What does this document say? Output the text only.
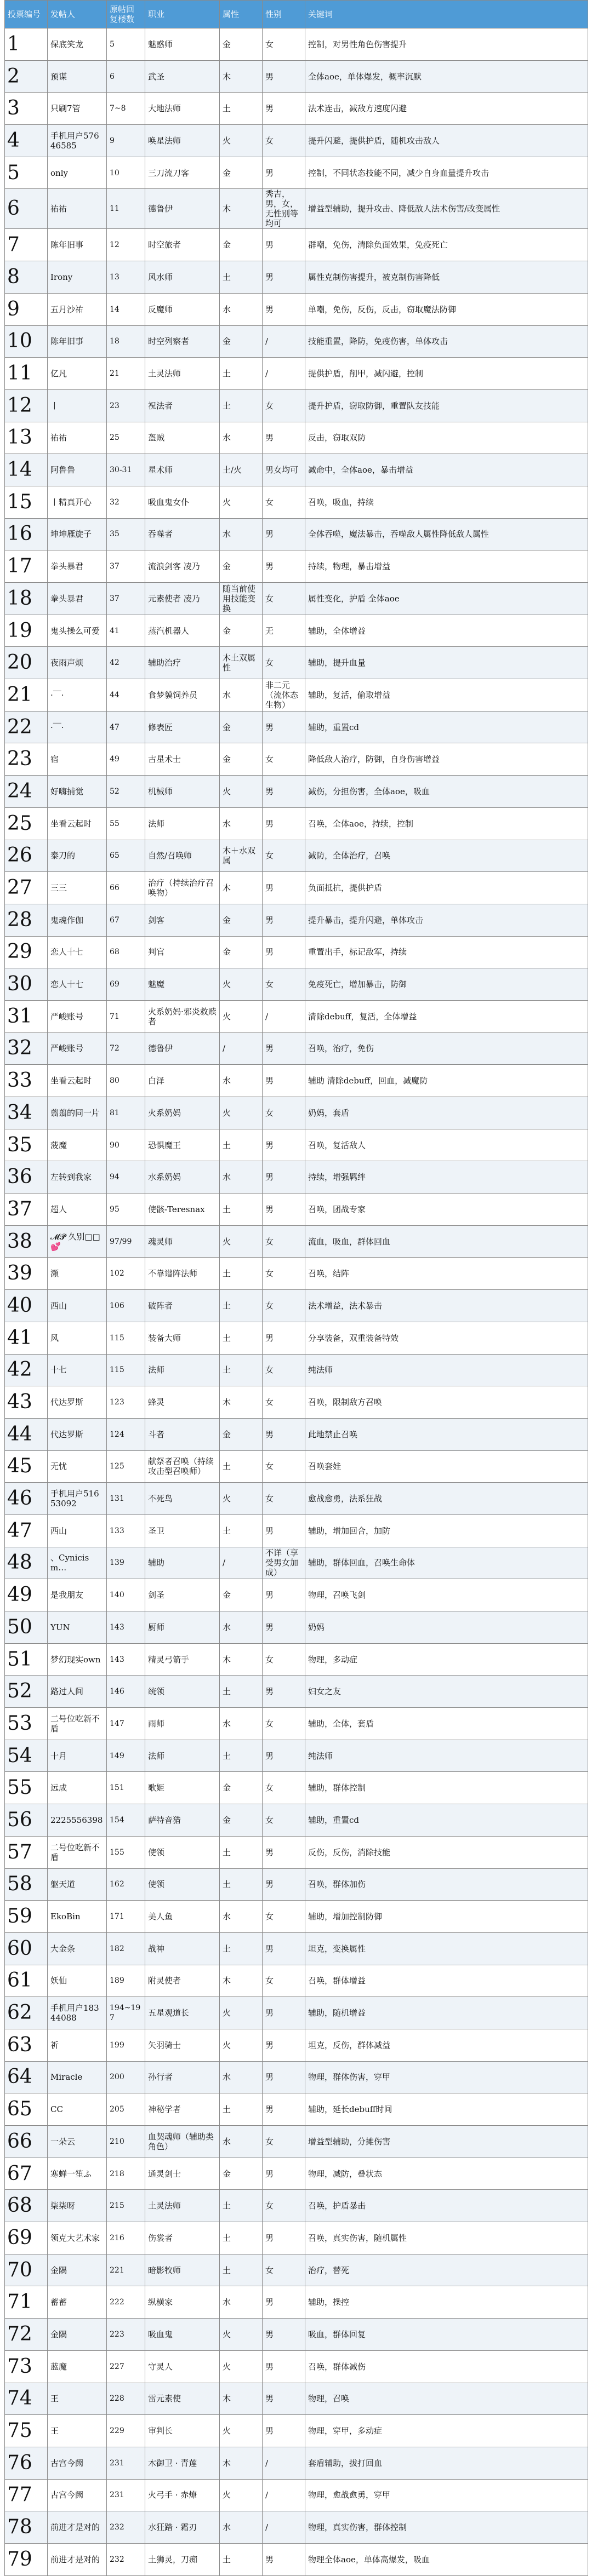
投票编号	发帖人	原帖回复楼数	职业	属性	性别	关键词
1	保底笑龙	5	魅惑师	金	女	控制，对男性角色伤害提升
2	预谋	6	武圣	木	男	全体aoe，单体爆发，概率沉默
3	只刷7管	7~8	大地法师	土	男	法术连击，减敌方速度闪避
4	手机用户57646585	9	唤星法师	火	女	提升闪避，提供护盾，随机攻击敌人
5	only	10	三刀流刀客	金	男	控制，不同状态技能不同，减少自身血量提升攻击
6	祐祐	11	德鲁伊	木	秀吉，男，女，无性别等均可	增益型辅助，提升攻击、降低敌人法术伤害/改变属性
7	陈年旧事	12	时空旅者	金	男	群嘲，免伤，清除负面效果，免疫死亡
8	Irony	13	风水师	土	男	属性克制伤害提升，被克制伤害降低
9	五月沙祐	14	反魔师	水	男	单嘲，免伤，反伤，反击，窃取魔法防御
10	陈年旧事	18	时空列察者	金	/	技能重置，降防，免疫伤害，单体攻击
11	亿凡	21	土灵法师	土	/	提供护盾，削甲，减闪避，控制
12	丨	23	祝法者	土	女	提升护盾，窃取防御，重置队友技能
13	祐祐	25	盔贼	水	男	反击，窃取双防
14	阿鲁鲁	30-31	星术师	土/火	男女均可	减命中，全体aoe，暴击增益
15	丨精真开心	32	吸血鬼女仆	火	女	召唤，吸血，持续
16	坤坤雁旋子	35	吞噬者	水	男	全体吞噬，魔法暴击，吞噬敌人属性降低敌人属性
17	拳头暴君	37	流浪剑客 凌乃	金	男	持续，物理，暴击增益
18	拳头暴君	37	元素使者 凌乃	随当前使用技能变换	女	属性变化，护盾 全体aoe
19	鬼头操么可爱	41	蒸汽机器人	金	无	辅助，全体增益
20	夜雨声烦	42	辅助治疗	木土双属性	女	辅助，提升血量
21	·￣·	44	食梦貘饲养员	水	非二元（流体态生物）	辅助，复活，偷取增益
22	·￣·	47	修表匠	金	男	辅助，重置cd
23	宿	49	古星术士	金	女	降低敌人治疗，防御，自身伤害增益
24	好嗨捕觉	52	机械师	火	男	减伤，分担伤害，全体aoe，吸血
25	坐看云起时	55	法师	水	男	召唤，全体aoe，持续，控制
26	泰刀的	65	自然/召唤师	木＋水双属	女	减防，全体治疗，召唤
27	三三	66	治疗（持续治疗召唤物）	木	男	负面抵抗，提供护盾
28	鬼魂作伽	67	剑客	金	男	提升暴击，提升闪避，单体攻击
29	恋人十七	68	判官	金	男	重置出手，标记敌军，持续
30	恋人十七	69	魅魔	火	女	免疫死亡，增加暴击，防御
31	严峻账号	71	火系奶妈·邪炎救赎者	火	/	清除debuff，复活，全体增益
32	严峻账号	72	德鲁伊	/	男	召唤，治疗，免伤
33	坐看云起时	80	白泽	水	男	辅助 清除debuff，回血，减魔防
34	翦翦的同一片	81	火系奶妈	火	女	奶妈，套盾
35	菠魔	90	恐惧魔王	土	男	召唤，复活敌人
36	左转到我家	94	水系奶妈	水	男	持续，增强羁绊
37	超人	95	使骸-Teresnax	土	男	召唤，团战专家
38	𝓜𝓟 久别□□💕	97/99	魂灵师	火	女	流血，吸血，群体回血
39	瀬	102	不靠谱阵法师	土	女	召唤，结阵
40	西山	106	破阵者	土	女	法术增益，法术暴击
41	风	115	装备大师	土	男	分享装备，双重装备特效
42	十七	115	法师	土	女	纯法师
43	代达罗斯	123	蜂灵	木	女	召唤，限制敌方召唤
44	代达罗斯	124	斗者	金	男	此地禁止召唤
45	无忧	125	献祭者召唤（持续攻击型召唤师）	土	女	召唤套娃
46	手机用户51653092	131	不死鸟	火	女	愈战愈勇，法系狂战
47	西山	133	圣卫	土	男	辅助，增加回合，加防
48	、Cynicism…	139	辅助	/	不详（享受男女加成）	辅助，群体回血，召唤生命体
49	是我朋友	140	剑圣	金	男	物理，召唤飞剑
50	YUN	143	厨师	水	男	奶妈
51	梦幻现实own	143	精灵弓箭手	木	女	物理，多动症
52	路过人间	146	统领	土	男	妇女之友
53	二号位吃新不盾	147	雨师	水	女	辅助，全体，套盾
54	十月	149	法师	土	男	纯法师
55	远成	151	歌姬	金	女	辅助，群体控制
56	2225556398	154	萨特音猎	金	女	辅助，重置cd
57	二号位吃新不盾	155	使领	土	男	反伤，反伤，消除技能
58	躯天道	162	使领	土	男	召唤，群体加伤
59	EkoBin	171	美人鱼	水	女	辅助，增加控制防御
60	大金条	182	战神	土	男	坦克，变换属性
61	妖仙	189	附灵使者	木	女	召唤，群体增益
62	手机用户18344088	194~197	五星观道长	火	男	辅助，随机增益
63	祈	199	矢羽骑士	火	男	坦克，反伤，群体减益
64	Miracle	200	孙行者	水	男	物理，群体伤害，穿甲
65	CC	205	神秘学者	土	男	辅助，延长debuff时间
66	一朵云	210	血契魂师（辅助类角色）	水	女	增益型辅助，分摊伤害
67	寒蝉一笙ふ	218	通灵剑士	金	男	物理，减防，叠状态
68	柒柒呀	215	土灵法师	土	女	召唤，护盾暴击
69	领克大艺术家	216	伤裳者	土	男	召唤，真实伤害，随机属性
70	金隅	221	暗影牧师	土	女	治疗，替死
71	蓄蓄	222	纵横家	水	男	辅助，操控
72	金隅	223	吸血鬼	火	男	吸血，群体回复
73	蓝魔	227	守灵人	火	男	召唤，群体减伤
74	王	228	雷元素使	木	男	物理，召唤
75	王	229	审判长	火	男	物理，穿甲，多动症
76	古宫今阙	231	木御卫 · 青莲	木	/	套盾辅助，拔打回血
77	古宫今阙	231	火弓手 · 赤燎	火	/	物理，愈战愈勇，穿甲
78	前进才是对的	232	水狂踏 · 霜刃	水	/	物理，真实伤害，群体控制
79	前进才是对的	232	土狮灵，刀痴	土	男	物理全体aoe，单体高爆发，吸血
